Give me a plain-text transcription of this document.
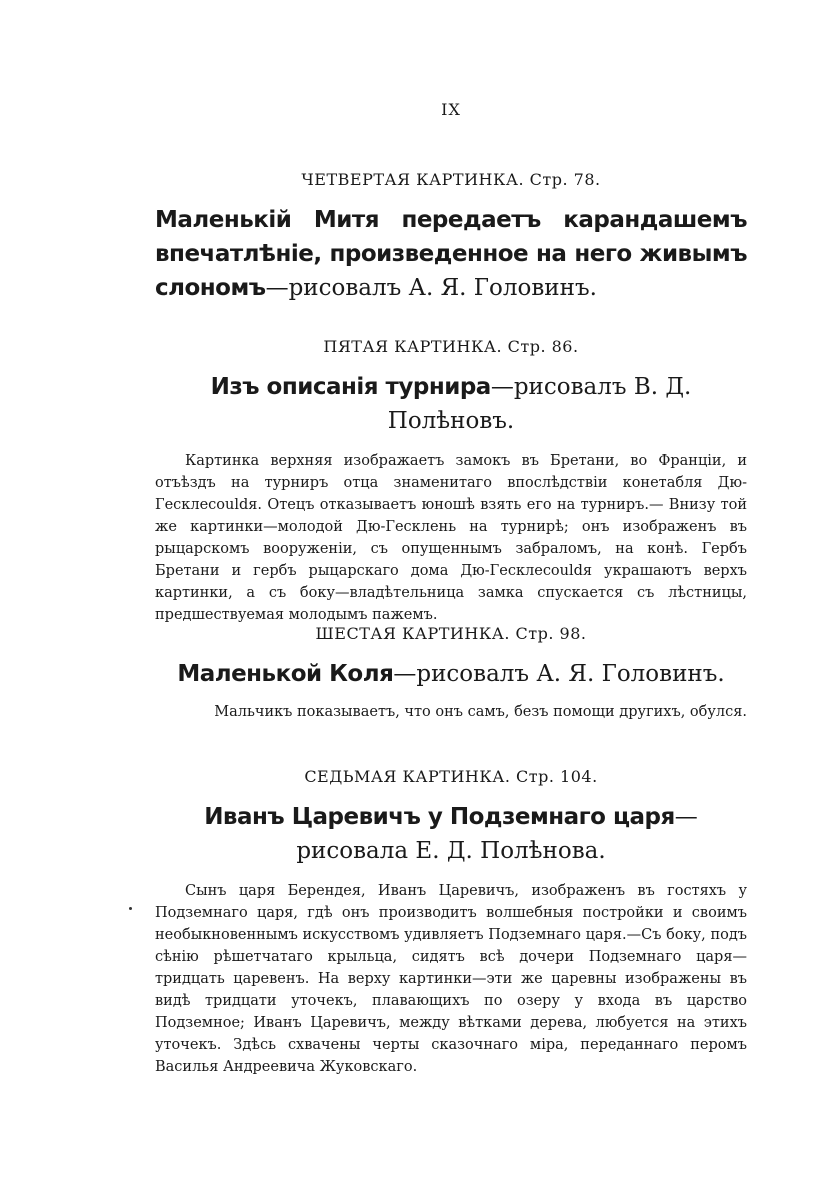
IX
ЧЕТВЕРТАЯ КАРТИНКА. Стр. 78.
Маленькій Митя передаетъ карандашемъ впечатлѣніе, произведенное на него живымъ слономъ—рисовалъ А. Я. Головинъ.
ПЯТАЯ КАРТИНКА. Стр. 86.
Изъ описанія турнира—рисовалъ В. Д. Полѣновъ.
Картинка верхняя изображаетъ замокъ въ Бретани, во Франціи, и отъѣздъ на турниръ отца знаменитаго впослѣдствіи конетабля Дю-Гесклеcouldя. Отецъ отказываетъ юношѣ взять его на турниръ.— Внизу той же картинки—молодой Дю-Гесклень на турнирѣ; онъ изображенъ въ рыцарскомъ вооруженіи, съ опущеннымъ забраломъ, на конѣ. Гербъ Бретани и гербъ рыцарскаго дома Дю-Гесклеcouldя украшаютъ верхъ картинки, а съ боку—владѣтельница замка спускается съ лѣстницы, предшествуемая молодымъ пажемъ.
ШЕСТАЯ КАРТИНКА. Стр. 98.
Маленькой Коля—рисовалъ А. Я. Головинъ.
Мальчикъ показываетъ, что онъ самъ, безъ помощи другихъ, обулся.
СЕДЬМАЯ КАРТИНКА. Стр. 104.
Иванъ Царевичъ у Подземнаго царя—рисовала Е. Д. Полѣнова.
Сынъ царя Берендея, Иванъ Царевичъ, изображенъ въ гостяхъ у Подземнаго царя, гдѣ онъ производитъ волшебныя постройки и своимъ необыкновеннымъ искусствомъ удивляетъ Подземнаго царя.—Съ боку, подъ сѣнію рѣшетчатаго крыльца, сидятъ всѣ дочери Подземнаго царя— тридцать царевенъ. На верху картинки—эти же царевны изображены въ видѣ тридцати уточекъ, плавающихъ по озеру у входа въ царство Подземное; Иванъ Царевичъ, между вѣтками дерева, любуется на этихъ уточекъ. Здѣсь схвачены черты сказочнаго міра, переданнаго перомъ Василья Андреевича Жуковскаго.
